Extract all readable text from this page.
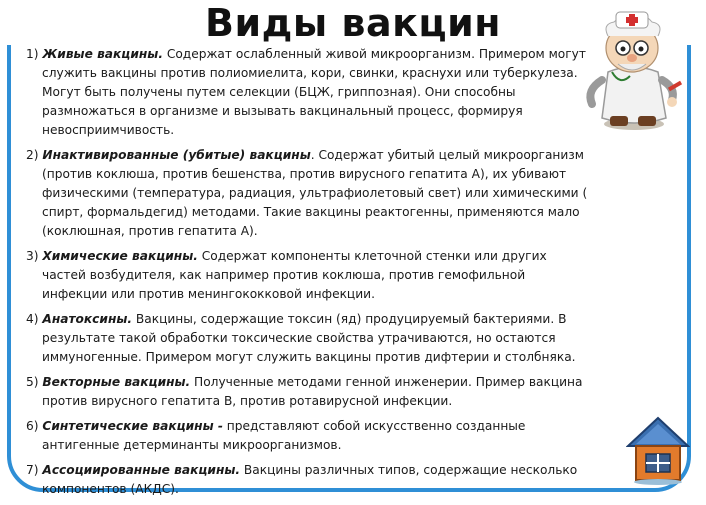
Виды вакцин
1) Живые вакцины. Содержат ослабленный живой микроорганизм. Примером могут служить вакцины против полиомиелита, кори, свинки, краснухи или туберкулеза. Могут быть получены путем селекции (БЦЖ, гриппозная). Они способны размножаться в организме и вызывать вакцинальный процесс, формируя невосприимчивость.
2) Инактивированные (убитые) вакцины. Содержат убитый целый микроорганизм (против коклюша, против бешенства, против вирусного гепатита А), их убивают физическими (температура, радиация, ультрафиолетовый свет) или химическими ( спирт, формальдегид) методами. Такие вакцины реактогенны, применяются мало (коклюшная, против гепатита А).
3) Химические вакцины. Содержат компоненты клеточной стенки или других частей возбудителя, как например против коклюша, против гемофильной инфекции или против менингококковой инфекции.
4) Анатоксины. Вакцины, содержащие токсин (яд) продуцируемый бактериями. В результате такой обработки токсические свойства утрачиваются, но остаются иммуногенные. Примером могут служить вакцины против дифтерии и столбняка.
5) Векторные вакцины. Полученные методами генной инженерии. Пример вакцина против вирусного гепатита В, против ротавирусной инфекции.
6) Синтетические вакцины - представляют собой искусственно созданные антигенные детерминанты микроорганизмов.
7) Ассоциированные вакцины. Вакцины различных типов, содержащие несколько компонентов (АКДС).
